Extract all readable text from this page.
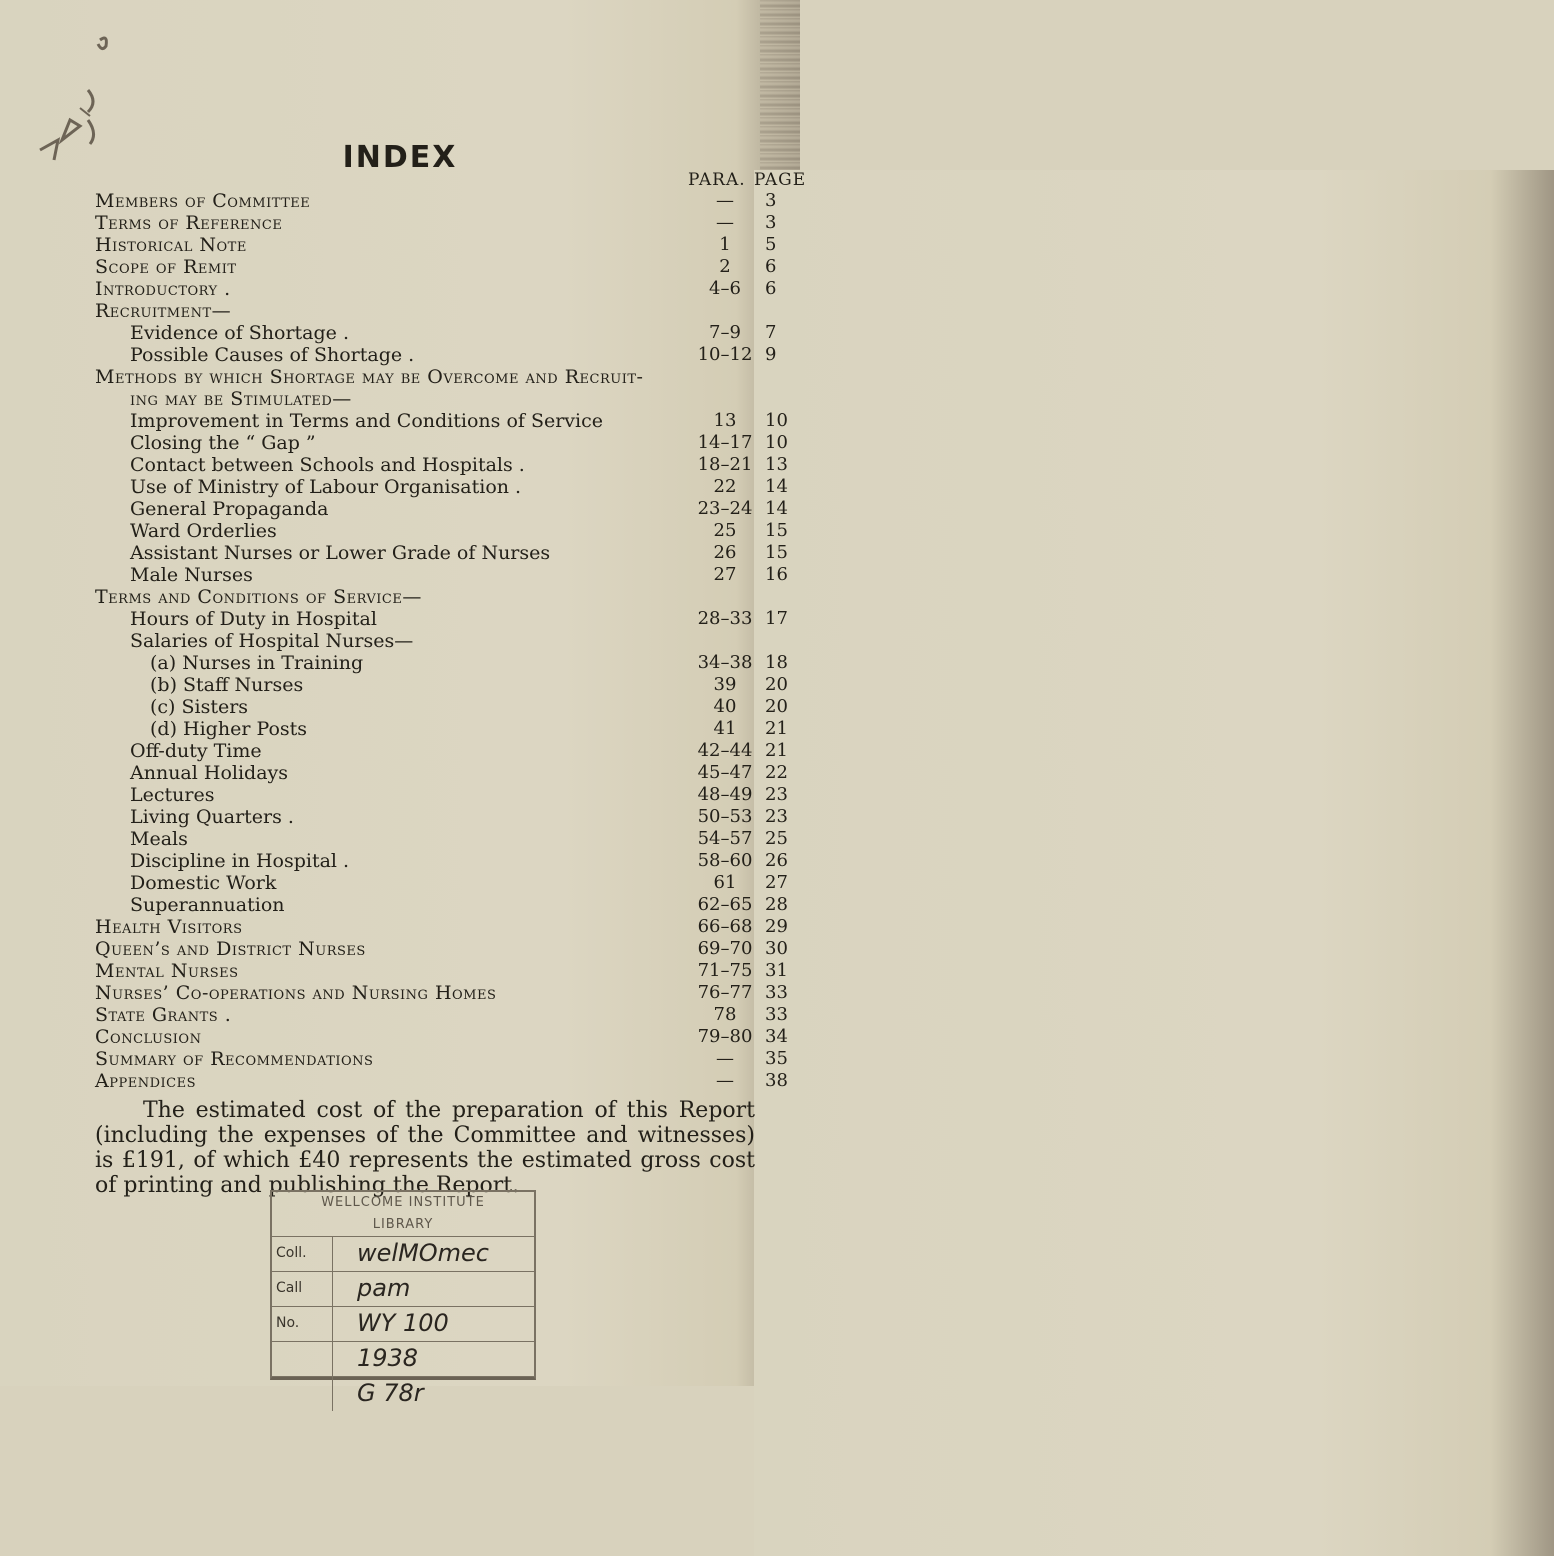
INDEX
PARA. PAGE
Members of Committee	—	3
Terms of Reference	—	3
Historical Note	1	5
Scope of Remit	2	6
Introductory .	4–6	6
Recruitment—
Evidence of Shortage .	7–9	7
Possible Causes of Shortage .	10–12 9
Methods by which Shortage may be Overcome and Recruit-
ing may be Stimulated—
Improvement in Terms and Conditions of Service	13	10
Closing the “ Gap ”	14–17 10
Contact between Schools and Hospitals .	18–21 13
Use of Ministry of Labour Organisation .	22	14
General Propaganda	23–24 14
Ward Orderlies	25	15
Assistant Nurses or Lower Grade of Nurses	26	15
Male Nurses	27	16
Terms and Conditions of Service—
Hours of Duty in Hospital	28–33 17
Salaries of Hospital Nurses—
(a) Nurses in Training	34–38 18
(b) Staff Nurses	39	20
(c) Sisters	40	20
(d) Higher Posts	41	21
Off-duty Time	42–44 21
Annual Holidays	45–47 22
Lectures	48–49 23
Living Quarters .	50–53 23
Meals	54–57 25
Discipline in Hospital .	58–60 26
Domestic Work	61	27
Superannuation	62–65 28
Health Visitors	66–68 29
Queen’s and District Nurses	69–70 30
Mental Nurses	71–75 31
Nurses’ Co-operations and Nursing Homes	76–77 33
State Grants .	78	33
Conclusion	79–80 34
Summary of Recommendations	—	35
Appendices	—	38

The estimated cost of the preparation of this Report (including the expenses of the Committee and witnesses) is £191, of which £40 represents the estimated gross cost of printing and publishing the Report.

WELLCOME INSTITUTE
LIBRARY
Coll. welMOmec
Call pam
No. WY 100
1938
G 78r
